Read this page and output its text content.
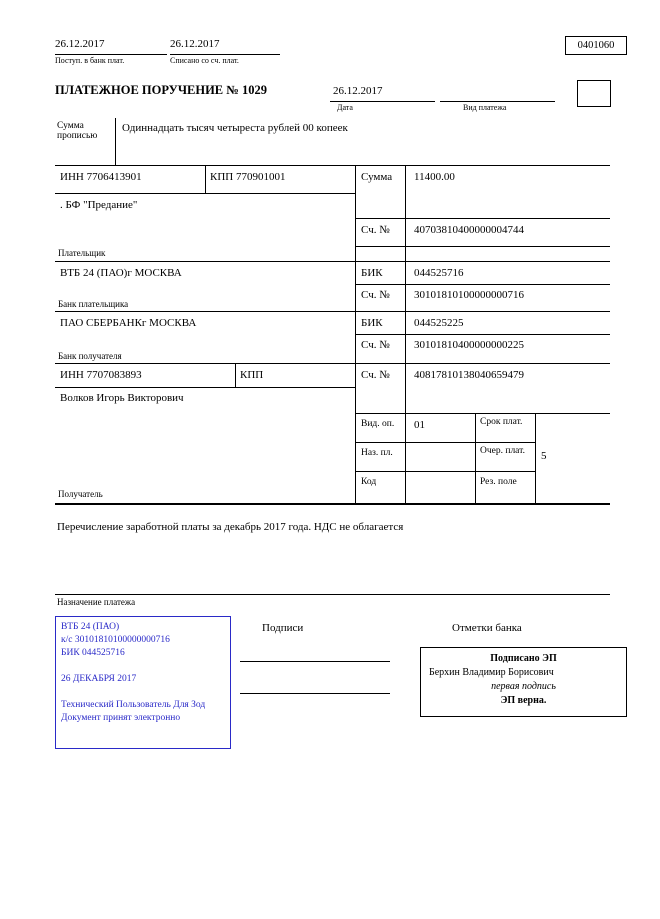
26.12.2017
Поступ. в банк плат.
26.12.2017
Списано со сч. плат.
0401060
ПЛАТЕЖНОЕ ПОРУЧЕНИЕ № 1029	26.12.2017
Дата	Вид платежа
Сумма прописью
Одиннадцать тысяч четыреста рублей 00 копеек
ИНН 7706413901	КПП 770901001	Сумма 11400.00
. БФ "Предание"
Сч. № 40703810400000004744
Плательщик
ВТБ 24 (ПАО)г МОСКВА	БИК	044525716
Сч. № 30101810100000000716
Банк плательщика
ПАО СБЕРБАНКг МОСКВА	БИК	044525225
Сч. № 30101810400000000225
Банк получателя
ИНН 7707083893	КПП	Сч. № 40817810138040659479
Волков Игорь Викторович
Вид. оп. 01	Срок плат.
Наз. пл.	Очер. плат.	5
Код	Рез. поле
Получатель
Перечисление заработной платы за декабрь 2017 года. НДС не облагается
Назначение платежа
Подписи	Отметки банка
ВТБ 24 (ПАО)
к/с 30101810100000000716
БИК 044525716
26 ДЕКАБРЯ 2017
Технический Пользователь Для Зод
Документ принят электронно
Подписано ЭП
Берхин Владимир Борисович
первая подпись
ЭП верна.
